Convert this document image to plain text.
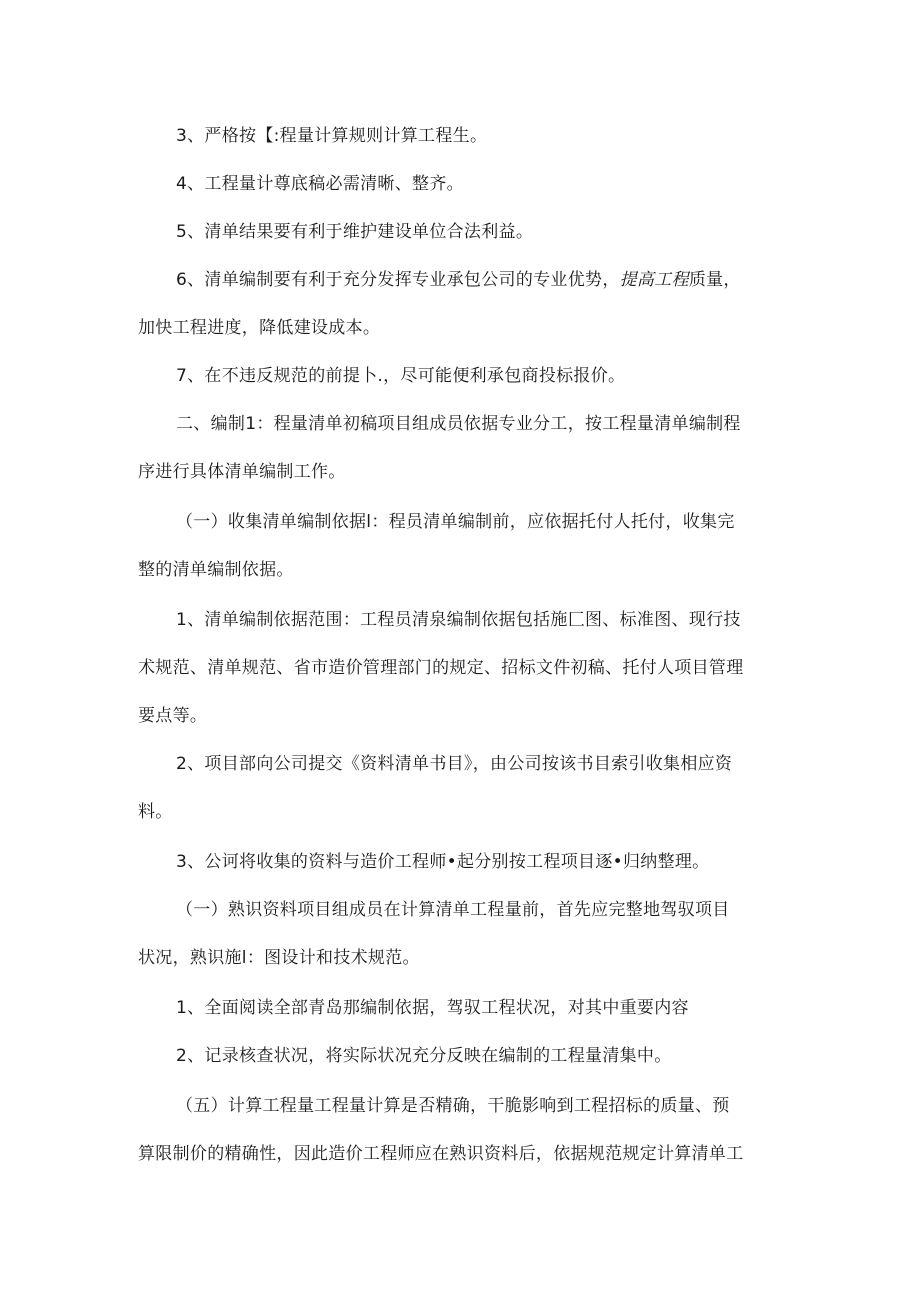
3、严格按【:程量计算规则计算工程生。
4、工程量计尊底稿必需清晰、整齐。
5、清单结果要有利于维护建设单位合法利益。
6、清单编制要有利于充分发挥专业承包公司的专业优势，提高工程质量，
加快工程进度，降低建设成本。
7、在不违反规范的前提卜.，尽可能便利承包商投标报价。
二、编制1：程量清单初稿项目组成员依据专业分工，按工程量清单编制程
序进行具体清单编制工作。
（一）收集清单编制依据l：程员清单编制前，应依据托付人托付，收集完
整的清单编制依据。
1、清单编制依据范围：工程员清泉编制依据包括施匚图、标准图、现行技
术规范、清单规范、省市造价管理部门的规定、招标文件初稿、托付人项目管理
要点等。
2、项目部向公司提交《资料清单书目》，由公司按该书目索引收集相应资
料。
3、公诃将收集的资料与造价工程师•起分别按工程项目逐•归纳整理。
（一）熟识资料项目组成员在计算清单工程量前，首先应完整地驾驭项目
状况，熟识施l：图设计和技术规范。
1、全面阅读全部青岛那编制依据，驾驭工程状况，对其中重要内容
2、记录核查状况，将实际状况充分反映在编制的工程量清集中。
（五）计算工程量工程量计算是否精确，干脆影响到工程招标的质量、预
算限制价的精确性，因此造价工程师应在熟识资料后，依据规范规定计算清单工
